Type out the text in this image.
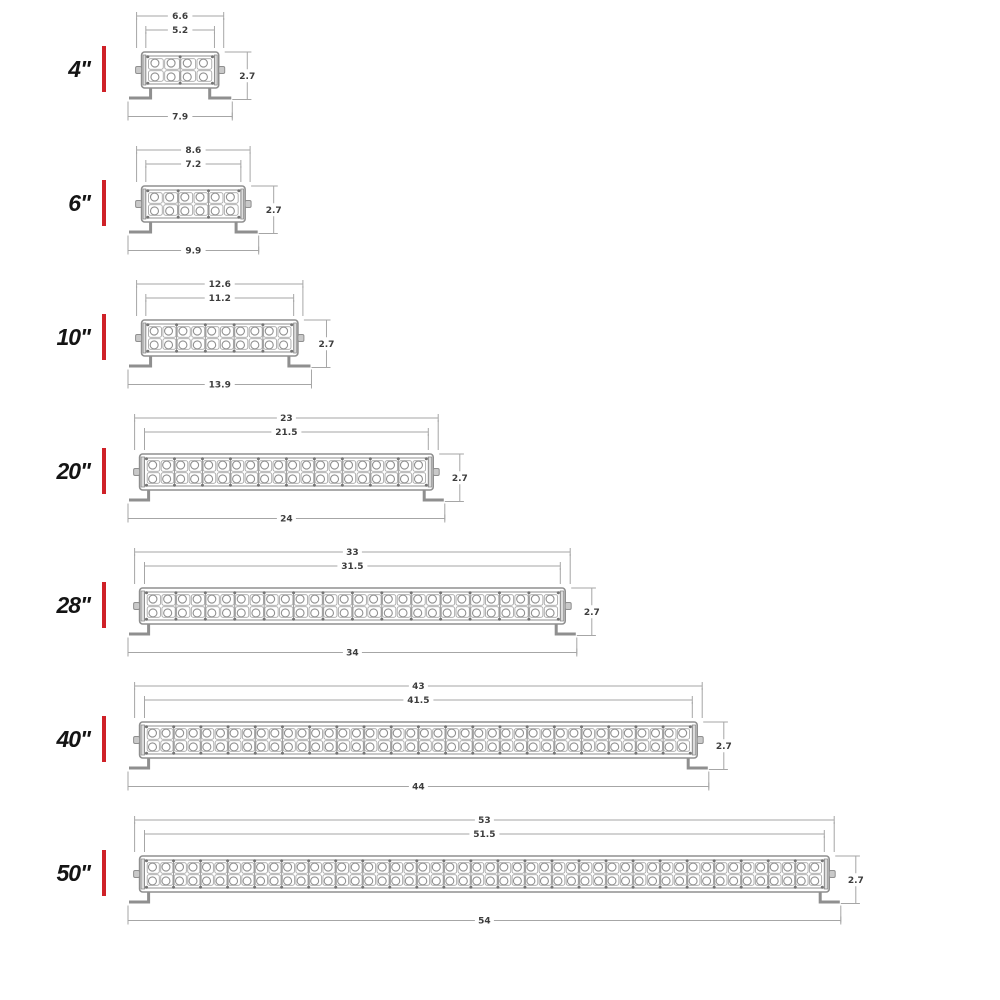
4"
6.6
5.2
2.7
7.9
6"
8.6
7.2
2.7
9.9
10"
12.6
11.2
2.7
13.9
20"
23
21.5
2.7
24
28"
33
31.5
2.7
34
40"
43
41.5
2.7
44
50"
53
51.5
2.7
54
